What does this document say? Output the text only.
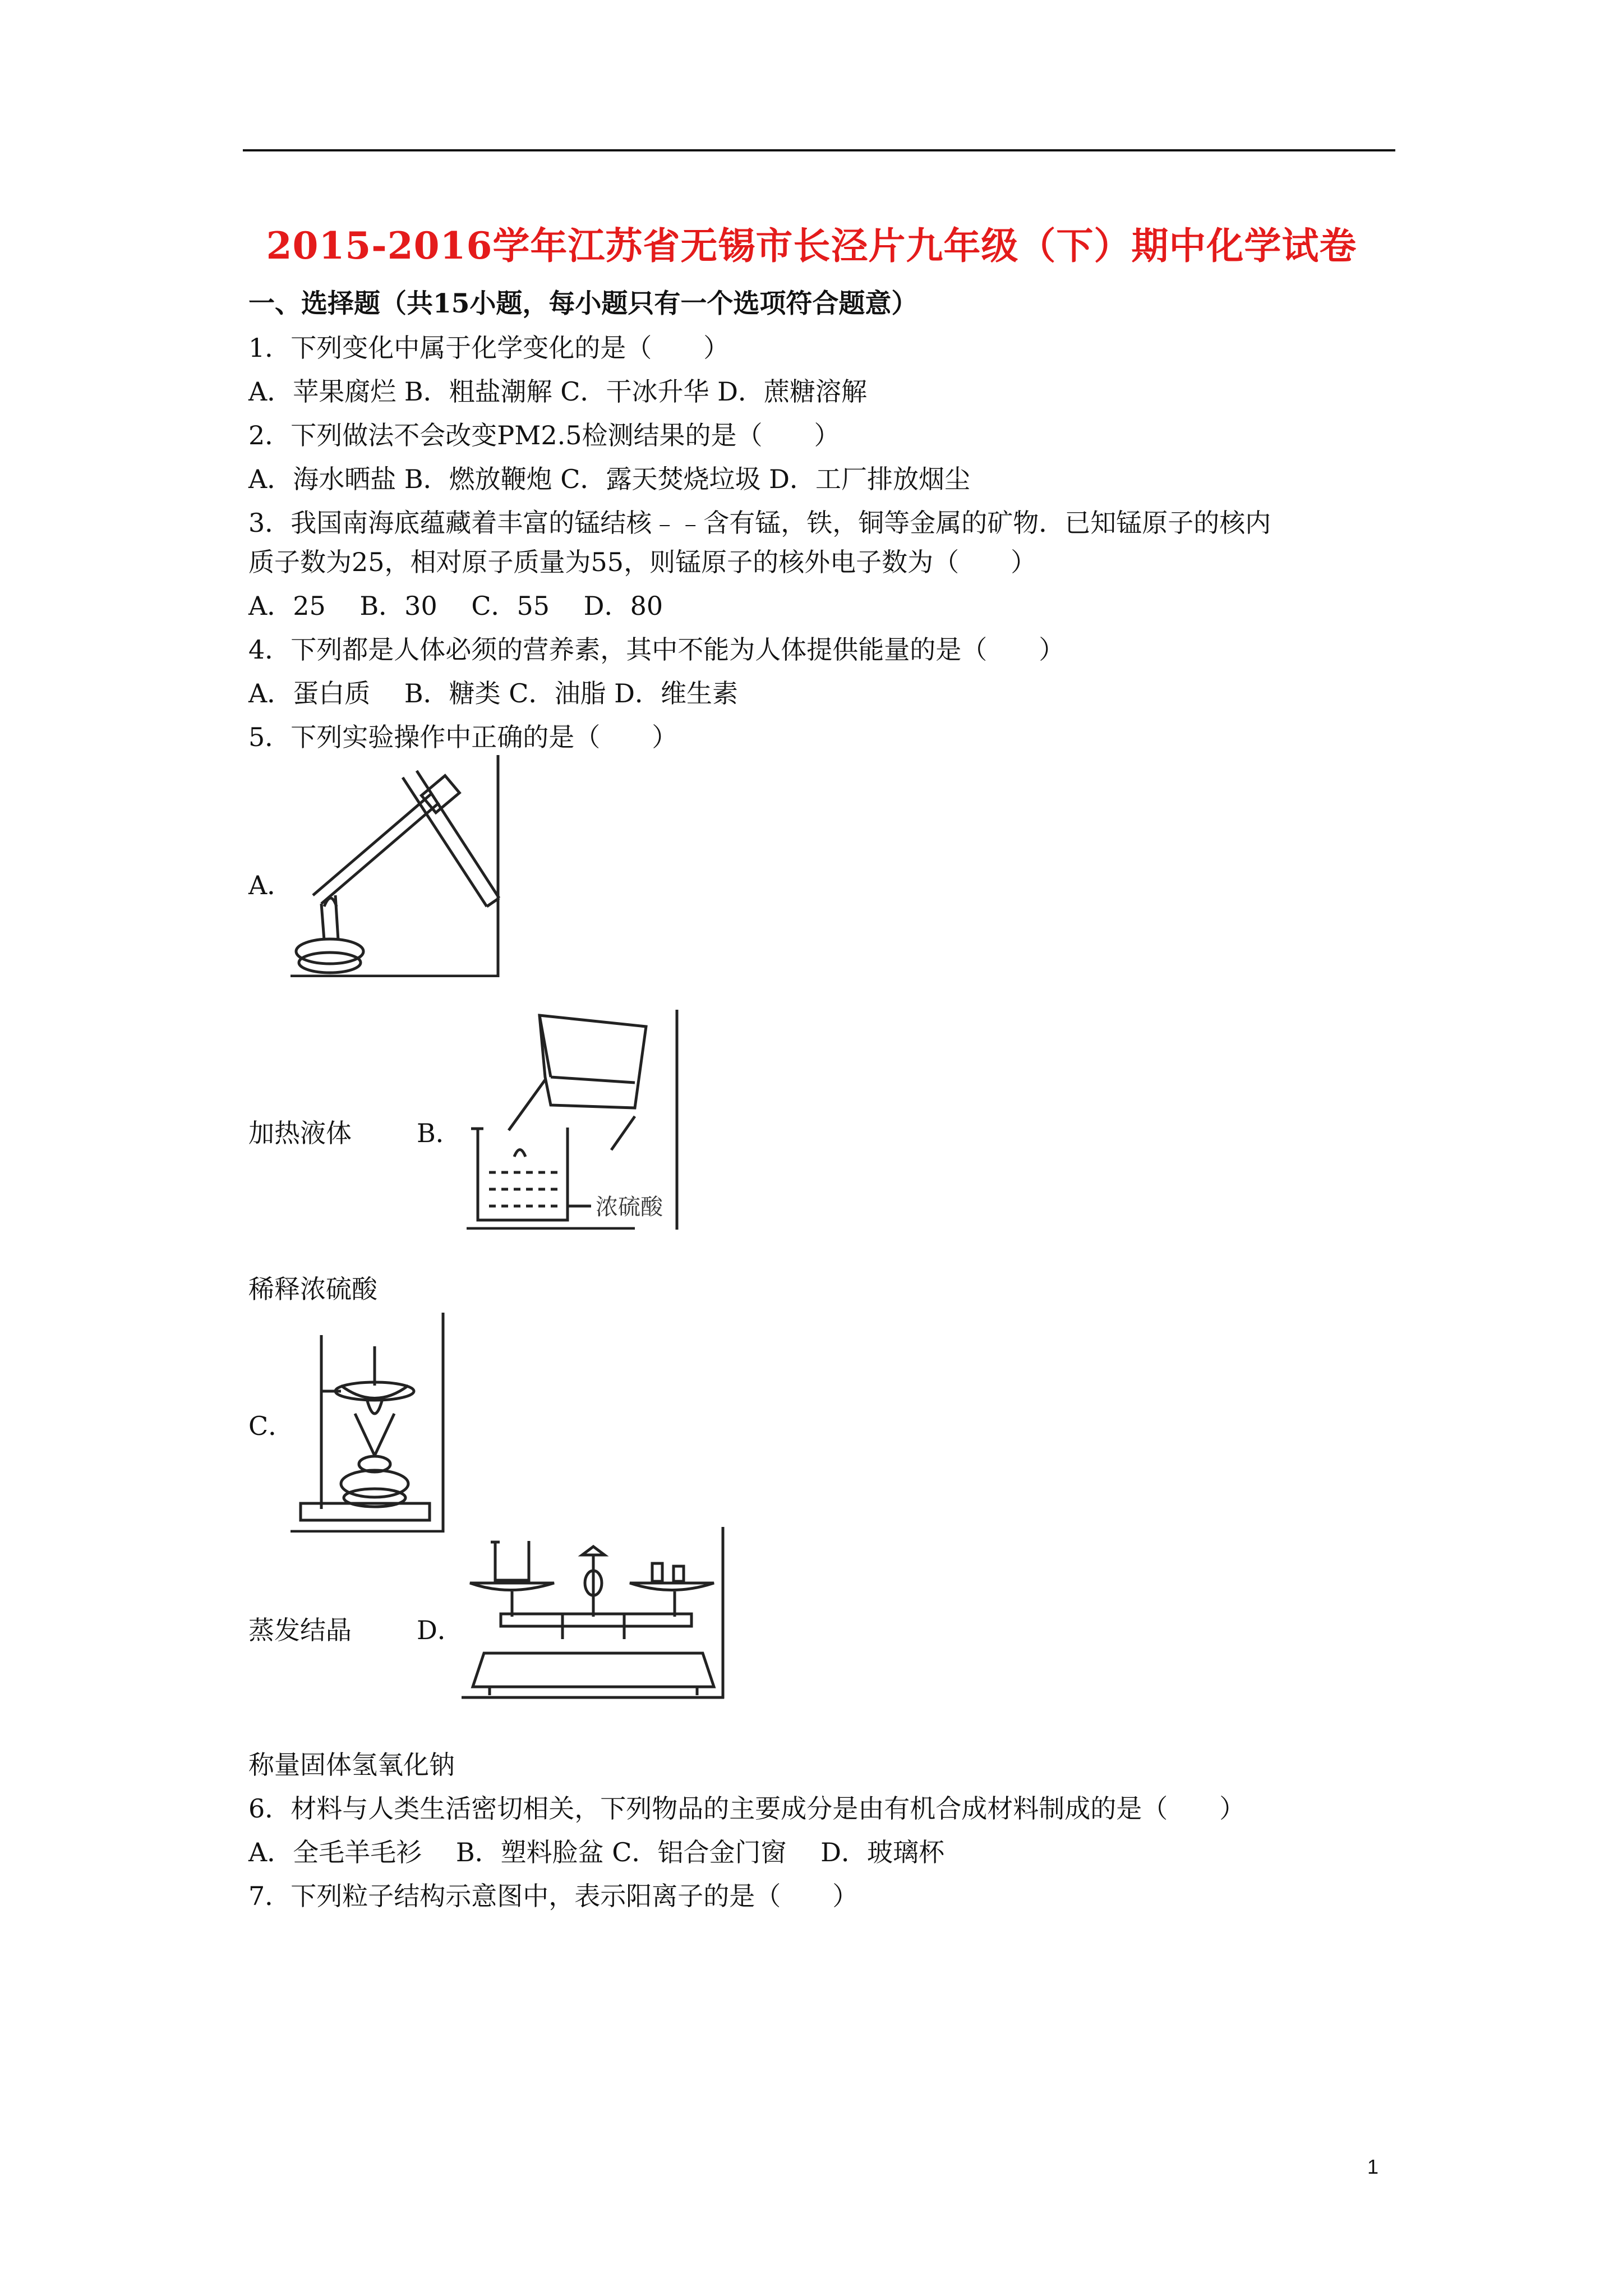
2015-2016学年江苏省无锡市长泾片九年级（下）期中化学试卷
一、选择题（共15小题，每小题只有一个选项符合题意）
1．下列变化中属于化学变化的是（　　）
A．苹果腐烂 B．粗盐潮解 C．干冰升华 D．蔗糖溶解
2．下列做法不会改变PM2.5检测结果的是（　　）
A．海水晒盐 B．燃放鞭炮 C．露天焚烧垃圾 D．工厂排放烟尘
3．我国南海底蕴藏着丰富的锰结核﹣﹣含有锰，铁，铜等金属的矿物．已知锰原子的核内
质子数为25，相对原子质量为55，则锰原子的核外电子数为（　　）
A．25　 B．30　 C．55　 D．80
4．下列都是人体必须的营养素，其中不能为人体提供能量的是（　　）
A．蛋白质　 B．糖类 C．油脂 D．维生素
5．下列实验操作中正确的是（　　）
A．
加热液体	B．
浓硫酸
稀释浓硫酸
C．
蒸发结晶	D．
称量固体氢氧化钠
6．材料与人类生活密切相关，下列物品的主要成分是由有机合成材料制成的是（　　）
A．全毛羊毛衫　 B．塑料脸盆 C．铝合金门窗　 D．玻璃杯
7．下列粒子结构示意图中，表示阳离子的是（　　）
1
